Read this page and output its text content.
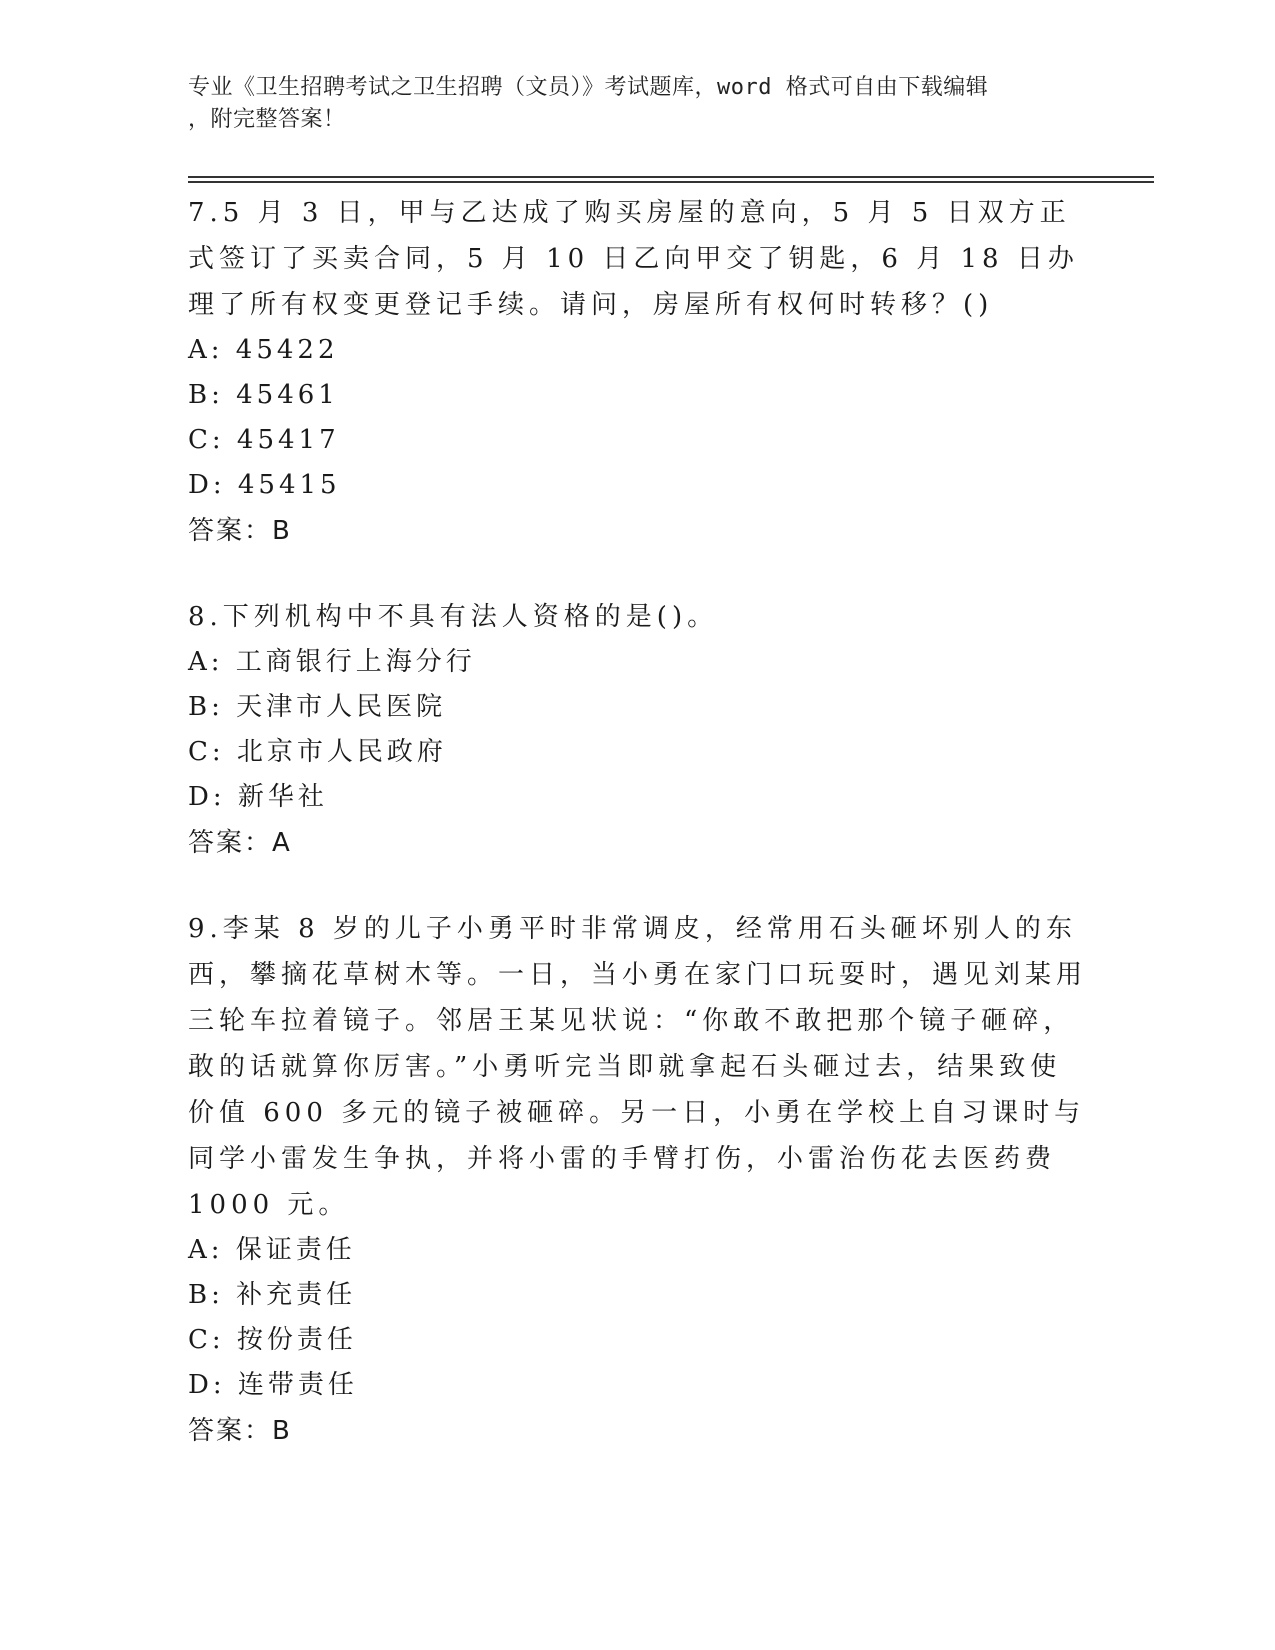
专业《卫生招聘考试之卫生招聘（文员）》考试题库，word 格式可自由下载编辑
，附完整答案！

7.5 月 3 日，甲与乙达成了购买房屋的意向，5 月 5 日双方正式签订了买卖合同，5 月 10 日乙向甲交了钥匙，6 月 18 日办理了所有权变更登记手续。请问，房屋所有权何时转移？()

A: 45422

B: 45461

C: 45417

D: 45415

答案：B

8.下列机构中不具有法人资格的是()。

A: 工商银行上海分行

B: 天津市人民医院

C: 北京市人民政府

D: 新华社

答案：A

9.李某 8 岁的儿子小勇平时非常调皮，经常用石头砸坏别人的东西，攀摘花草树木等。一日，当小勇在家门口玩耍时，遇见刘某用三轮车拉着镜子。邻居王某见状说：“你敢不敢把那个镜子砸碎，敢的话就算你厉害。”小勇听完当即就拿起石头砸过去，结果致使价值 600 多元的镜子被砸碎。另一日，小勇在学校上自习课时与同学小雷发生争执，并将小雷的手臂打伤，小雷治伤花去医药费 1000 元。

A: 保证责任

B: 补充责任

C: 按份责任

D: 连带责任

答案：B
